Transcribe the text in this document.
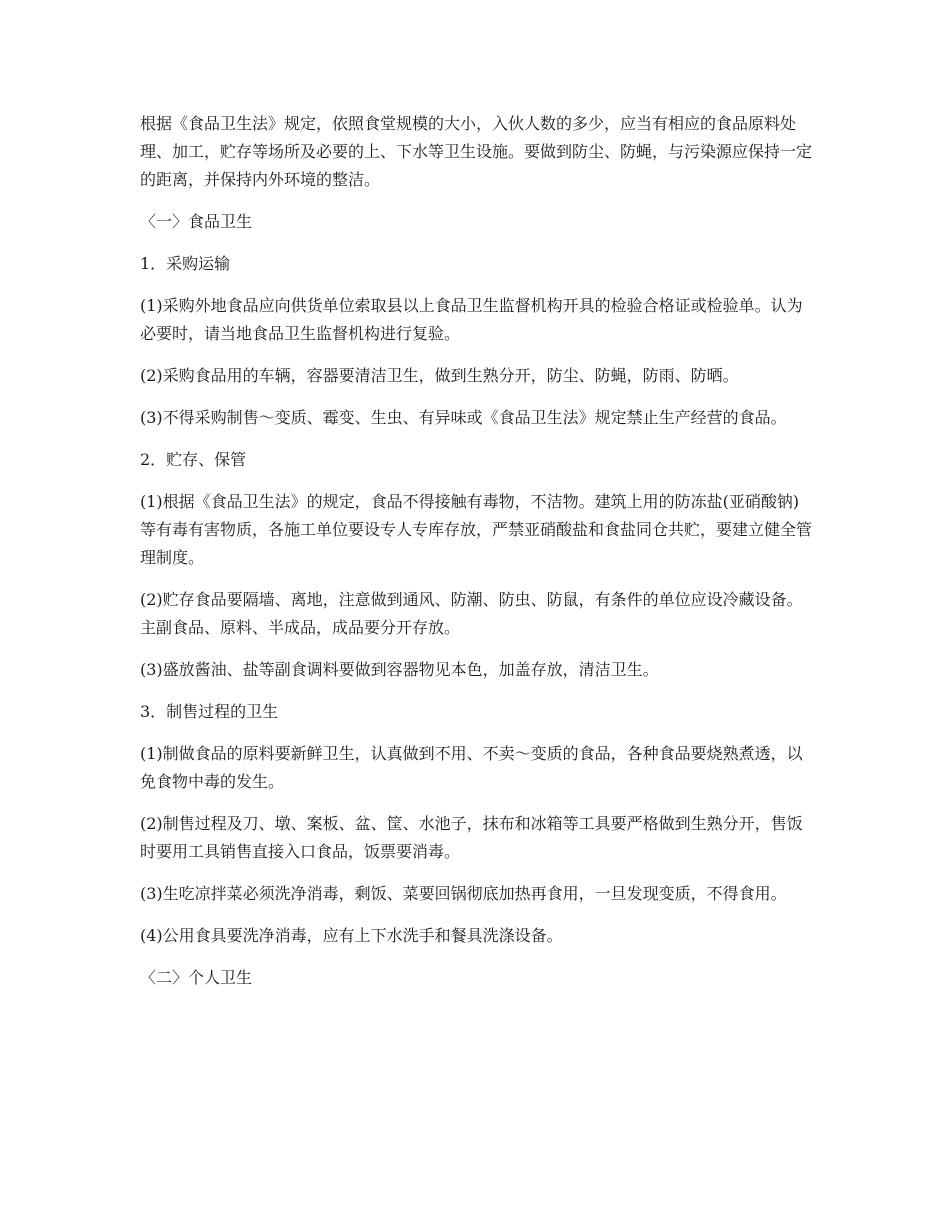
根据《食品卫生法》规定，依照食堂规模的大小，入伙人数的多少，应当有相应的食品原料处理、加工，贮存等场所及必要的上、下水等卫生设施。要做到防尘、防蝇，与污染源应保持一定的距离，并保持内外环境的整洁。

〈一〉食品卫生

1．采购运输

(1)采购外地食品应向供货单位索取县以上食品卫生监督机构开具的检验合格证或检验单。认为必要时，请当地食品卫生监督机构进行复验。

(2)采购食品用的车辆，容器要清洁卫生，做到生熟分开，防尘、防蝇，防雨、防晒。

(3)不得采购制售～变质、霉变、生虫、有异味或《食品卫生法》规定禁止生产经营的食品。

2．贮存、保管

(1)根据《食品卫生法》的规定，食品不得接触有毒物，不洁物。建筑上用的防冻盐(亚硝酸钠)等有毒有害物质，各施工单位要设专人专库存放，严禁亚硝酸盐和食盐同仓共贮，要建立健全管理制度。

(2)贮存食品要隔墙、离地，注意做到通风、防潮、防虫、防鼠，有条件的单位应设冷藏设备。主副食品、原料、半成品，成品要分开存放。

(3)盛放酱油、盐等副食调料要做到容器物见本色，加盖存放，清洁卫生。

3．制售过程的卫生

(1)制做食品的原料要新鲜卫生，认真做到不用、不卖～变质的食品，各种食品要烧熟煮透，以免食物中毒的发生。

(2)制售过程及刀、墩、案板、盆、筐、水池子，抹布和冰箱等工具要严格做到生熟分开，售饭时要用工具销售直接入口食品，饭票要消毒。

(3)生吃凉拌菜必须洗净消毒，剩饭、菜要回锅彻底加热再食用，一旦发现变质，不得食用。

(4)公用食具要洗净消毒，应有上下水洗手和餐具洗涤设备。

〈二〉个人卫生
